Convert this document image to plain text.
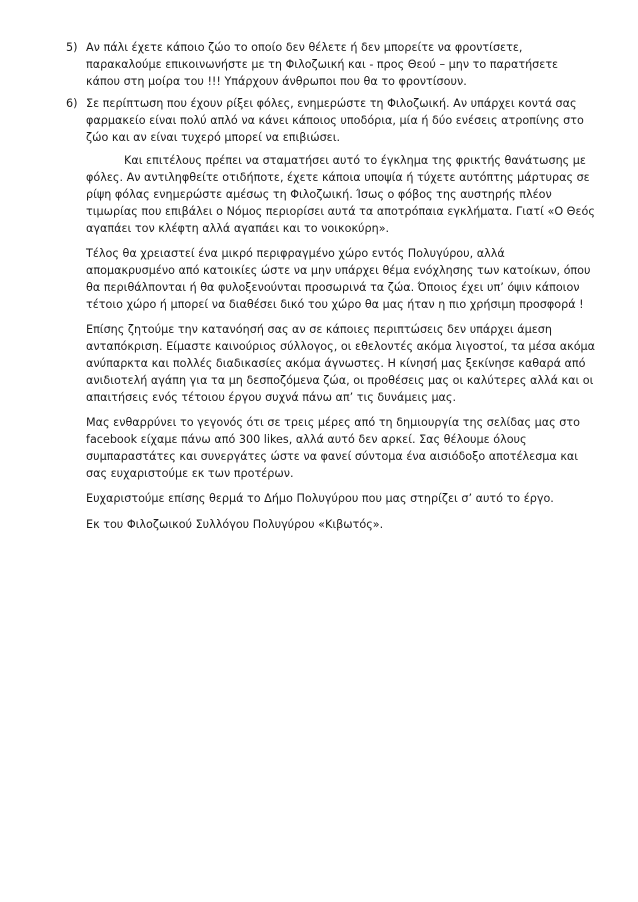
5) Αν πάλι έχετε κάποιο ζώο το οποίο δεν θέλετε ή δεν μπορείτε να φροντίσετε,
παρακαλούμε επικοινωνήστε με τη Φιλοζωική και - προς Θεού – μην το παρατήσετε
κάπου στη μοίρα του !!! Υπάρχουν άνθρωποι που θα το φροντίσουν.
6) Σε περίπτωση που έχουν ρίξει φόλες, ενημερώστε τη Φιλοζωική. Αν υπάρχει κοντά σας
φαρμακείο είναι πολύ απλό να κάνει κάποιος υποδόρια, μία ή δύο ενέσεις ατροπίνης στο
ζώο και αν είναι τυχερό μπορεί να επιβιώσει.

Και επιτέλους πρέπει να σταματήσει αυτό το έγκλημα της φρικτής θανάτωσης με
φόλες. Αν αντιληφθείτε οτιδήποτε, έχετε κάποια υποψία ή τύχετε αυτόπτης μάρτυρας σε
ρίψη φόλας ενημερώστε αμέσως τη Φιλοζωική. Ίσως ο φόβος της αυστηρής πλέον
τιμωρίας που επιβάλει ο Νόμος περιορίσει αυτά τα αποτρόπαια εγκλήματα. Γιατί «Ο Θεός
αγαπάει τον κλέφτη αλλά αγαπάει και το νοικοκύρη».

Τέλος θα χρειαστεί ένα μικρό περιφραγμένο χώρο εντός Πολυγύρου, αλλά
απομακρυσμένο από κατοικίες ώστε να μην υπάρχει θέμα ενόχλησης των κατοίκων, όπου
θα περιθάλπονται ή θα φυλοξενούνται προσωρινά τα ζώα. Όποιος έχει υπ’ όψιν κάποιον
τέτοιο χώρο ή μπορεί να διαθέσει δικό του χώρο θα μας ήταν η πιο χρήσιμη προσφορά !

Επίσης ζητούμε την κατανόησή σας αν σε κάποιες περιπτώσεις δεν υπάρχει άμεση
ανταπόκριση. Είμαστε καινούριος σύλλογος, οι εθελοντές ακόμα λιγοστοί, τα μέσα ακόμα
ανύπαρκτα και πολλές διαδικασίες ακόμα άγνωστες. Η κίνησή μας ξεκίνησε καθαρά από
ανιδιοτελή αγάπη για τα μη δεσποζόμενα ζώα, οι προθέσεις μας οι καλύτερες αλλά και οι
απαιτήσεις ενός τέτοιου έργου συχνά πάνω απ’ τις δυνάμεις μας.

Μας ενθαρρύνει το γεγονός ότι σε τρεις μέρες από τη δημιουργία της σελίδας μας στο
facebook είχαμε πάνω από 300 likes, αλλά αυτό δεν αρκεί. Σας θέλουμε όλους
συμπαραστάτες και συνεργάτες ώστε να φανεί σύντομα ένα αισιόδοξο αποτέλεσμα και
σας ευχαριστούμε εκ των προτέρων.

Ευχαριστούμε επίσης θερμά το Δήμο Πολυγύρου που μας στηρίζει σ’ αυτό το έργο.

Εκ του Φιλοζωικού Συλλόγου Πολυγύρου «Κιβωτός».
